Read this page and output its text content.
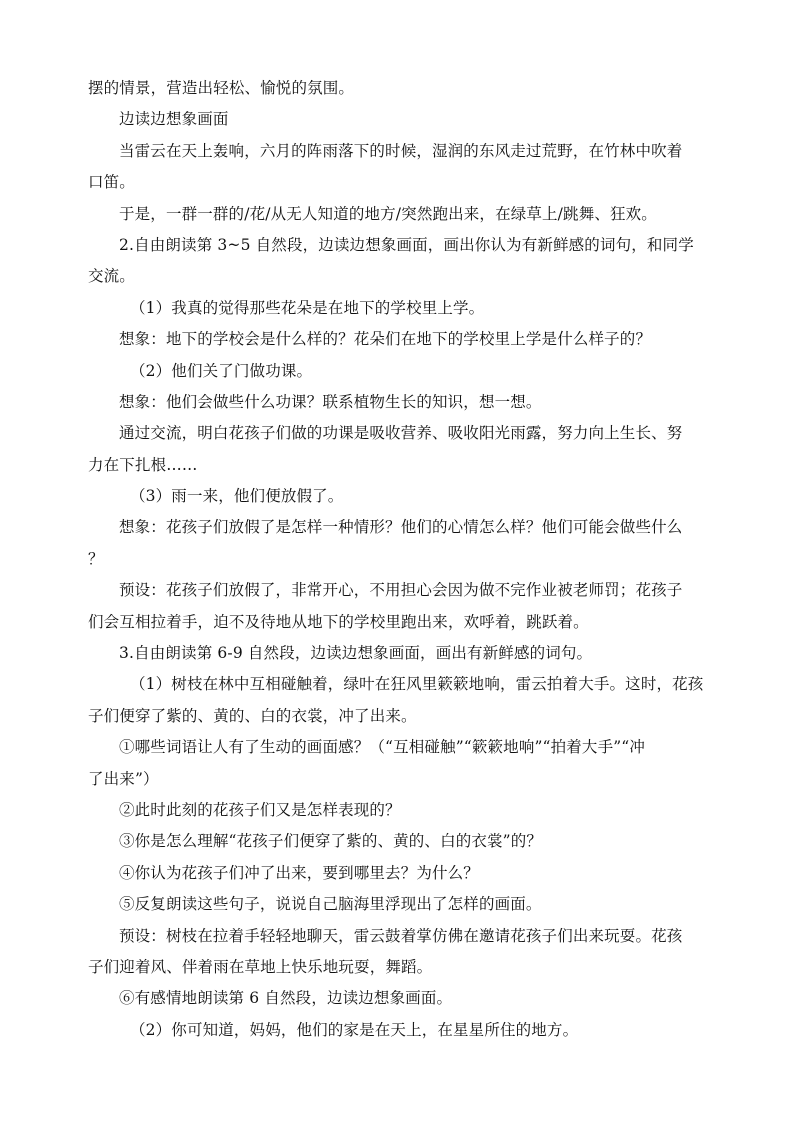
摆的情景，营造出轻松、愉悦的氛围。
边读边想象画面
当雷云在天上轰响，六月的阵雨落下的时候，湿润的东风走过荒野，在竹林中吹着
口笛。
于是，一群一群的/花/从无人知道的地方/突然跑出来，在绿草上/跳舞、狂欢。
2.自由朗读第 3~5 自然段，边读边想象画面，画出你认为有新鲜感的词句，和同学
交流。
（1）我真的觉得那些花朵是在地下的学校里上学。
想象：地下的学校会是什么样的？花朵们在地下的学校里上学是什么样子的？
（2）他们关了门做功课。
想象：他们会做些什么功课？联系植物生长的知识，想一想。
通过交流，明白花孩子们做的功课是吸收营养、吸收阳光雨露，努力向上生长、努
力在下扎根……
（3）雨一来，他们便放假了。
想象：花孩子们放假了是怎样一种情形？他们的心情怎么样？他们可能会做些什么
？
预设：花孩子们放假了，非常开心，不用担心会因为做不完作业被老师罚；花孩子
们会互相拉着手，迫不及待地从地下的学校里跑出来，欢呼着，跳跃着。
3.自由朗读第 6-9 自然段，边读边想象画面，画出有新鲜感的词句。
（1）树枝在林中互相碰触着，绿叶在狂风里簌簌地响，雷云拍着大手。这时，花孩
子们便穿了紫的、黄的、白的衣裳，冲了出来。
①哪些词语让人有了生动的画面感？（“互相碰触”“簌簌地响”“拍着大手”“冲
了出来”）
②此时此刻的花孩子们又是怎样表现的？
③你是怎么理解“花孩子们便穿了紫的、黄的、白的衣裳”的？
④你认为花孩子们冲了出来，要到哪里去？为什么？
⑤反复朗读这些句子，说说自己脑海里浮现出了怎样的画面。
预设：树枝在拉着手轻轻地聊天，雷云鼓着掌仿佛在邀请花孩子们出来玩耍。花孩
子们迎着风、伴着雨在草地上快乐地玩耍，舞蹈。
⑥有感情地朗读第 6 自然段，边读边想象画面。
（2）你可知道，妈妈，他们的家是在天上，在星星所住的地方。
